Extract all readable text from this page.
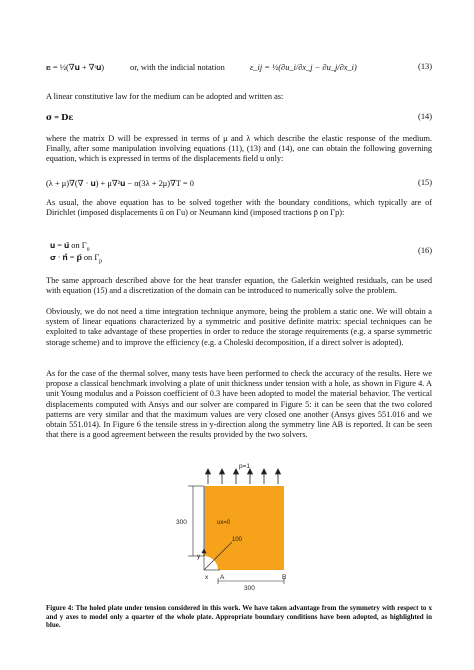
𝛆 = ½(∇𝐮 + ∇ᵗ𝐮)	or, with the indicial notation	ε_ij = ½(∂u_i/∂x_j − ∂u_j/∂x_i)	(13)
A linear constitutive law for the medium can be adopted and written as:
𝛔 = 𝐃𝛆	(14)
where the matrix D will be expressed in terms of μ and λ which describe the elastic response of the medium. Finally, after some manipulation involving equations (11), (13) and (14), one can obtain the following governing equation, which is expressed in terms of the displacements field u only:
(λ + μ)∇(∇ · 𝐮) + μ∇²𝐮 − α(3λ + 2μ)∇T = 0	(15)
As usual, the above equation has to be solved together with the boundary conditions, which typically are of Dirichlet (imposed displacements ū on Γu) or Neumann kind (imposed tractions p̄ on Γp):
𝐮 = 𝐮̄ on $\Gamma_u$
𝛔 · 𝐧̂ = 𝐩̄ on $\Gamma_p$
(16)
The same approach described above for the heat transfer equation, the Galerkin weighted residuals, can be used with equation (15) and a discretization of the domain can be introduced to numerically solve the problem.
Obviously, we do not need a time integration technique anymore, being the problem a static one. We will obtain a system of linear equations characterized by a symmetric and positive definite matrix: special techniques can be exploited to take advantage of these properties in order to reduce the storage requirements (e.g. a sparse symmetric storage scheme) and to improve the efficiency (e.g. a Choleski decomposition, if a direct solver is adopted).
As for the case of the thermal solver, many tests have been performed to check the accuracy of the results. Here we propose a classical benchmark involving a plate of unit thickness under tension with a hole, as shown in Figure 4. A unit Young modulus and a Poisson coefficient of 0.3 have been adopted to model the material behavior. The vertical displacements computed with Ansys and our solver are compared in Figure 5: it can be seen that the two colored patterns are very similar and that the maximum values are very closed one another (Ansys gives 551.016 and we obtain 551.014). In Figure 6 the tensile stress in y-direction along the symmetry line AB is reported. It can be seen that there is a good agreement between the results provided by the two solvers.
p=1
300	ux=0
100
y
x A	B
300
Figure 4: The holed plate under tension considered in this work. We have taken advantage from the symmetry with respect to x and y axes to model only a quarter of the whole plate. Appropriate boundary conditions have been adopted, as highlighted in blue.
